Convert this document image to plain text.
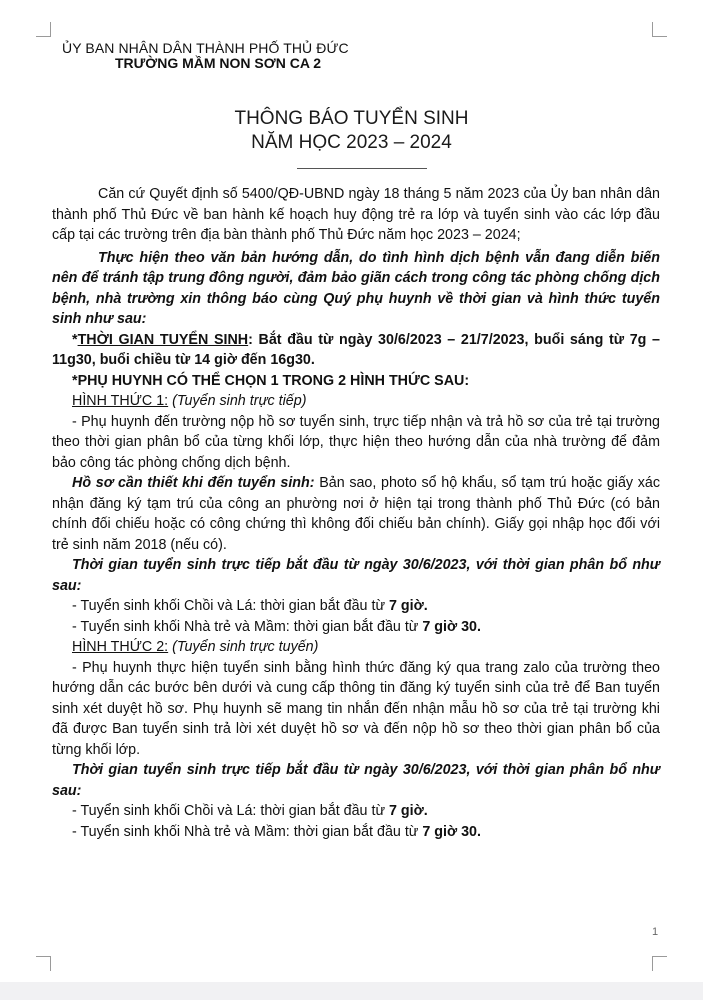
ỦY BAN NHÂN DÂN THÀNH PHỐ THỦ ĐỨC
TRƯỜNG MẦM NON SƠN CA 2
THÔNG BÁO TUYỂN SINH
NĂM HỌC 2023 – 2024

Căn cứ Quyết định số 5400/QĐ-UBND ngày 18 tháng 5 năm 2023 của Ủy ban nhân dân thành phố Thủ Đức về ban hành kế hoạch huy động trẻ ra lớp và tuyển sinh vào các lớp đầu cấp tại các trường trên địa bàn thành phố Thủ Đức năm học 2023 – 2024;

Thực hiện theo văn bản hướng dẫn, do tình hình dịch bệnh vẫn đang diễn biến nên để tránh tập trung đông người, đảm bảo giãn cách trong công tác phòng chống dịch bệnh, nhà trường xin thông báo cùng Quý phụ huynh về thời gian và hình thức tuyển sinh như sau:

*THỜI GIAN TUYỂN SINH: Bắt đầu từ ngày 30/6/2023 – 21/7/2023, buổi sáng từ 7g – 11g30, buổi chiều từ 14 giờ đến 16g30.

*PHỤ HUYNH CÓ THỂ CHỌN 1 TRONG 2 HÌNH THỨC SAU:

HÌNH THỨC 1: (Tuyển sinh trực tiếp)

- Phụ huynh đến trường nộp hồ sơ tuyển sinh, trực tiếp nhận và trả hồ sơ của trẻ tại trường theo thời gian phân bổ của từng khối lớp, thực hiện theo hướng dẫn của nhà trường để đảm bảo công tác phòng chống dịch bệnh.

Hồ sơ cần thiết khi đến tuyển sinh: Bản sao, photo sổ hộ khẩu, sổ tạm trú hoặc giấy xác nhận đăng ký tạm trú của công an phường nơi ở hiện tại trong thành phố Thủ Đức (có bản chính đối chiếu hoặc có công chứng thì không đối chiếu bản chính). Giấy gọi nhập học đối với trẻ sinh năm 2018 (nếu có).

Thời gian tuyển sinh trực tiếp bắt đầu từ ngày 30/6/2023, với thời gian phân bổ như sau:

- Tuyển sinh khối Chồi và Lá: thời gian bắt đầu từ 7 giờ.

- Tuyển sinh khối Nhà trẻ và Mầm: thời gian bắt đầu từ 7 giờ 30.

HÌNH THỨC 2: (Tuyển sinh trực tuyến)

- Phụ huynh thực hiện tuyển sinh bằng hình thức đăng ký qua trang zalo của trường theo hướng dẫn các bước bên dưới và cung cấp thông tin đăng ký tuyển sinh của trẻ để Ban tuyển sinh xét duyệt hồ sơ. Phụ huynh sẽ mang tin nhắn đến nhận mẫu hồ sơ của trẻ tại trường khi đã được Ban tuyển sinh trả lời xét duyệt hồ sơ và đến nộp hồ sơ theo thời gian phân bổ của từng khối lớp.

Thời gian tuyển sinh trực tiếp bắt đầu từ ngày 30/6/2023, với thời gian phân bổ như sau:

- Tuyển sinh khối Chồi và Lá: thời gian bắt đầu từ 7 giờ.

- Tuyển sinh khối Nhà trẻ và Mầm: thời gian bắt đầu từ 7 giờ 30.

1
